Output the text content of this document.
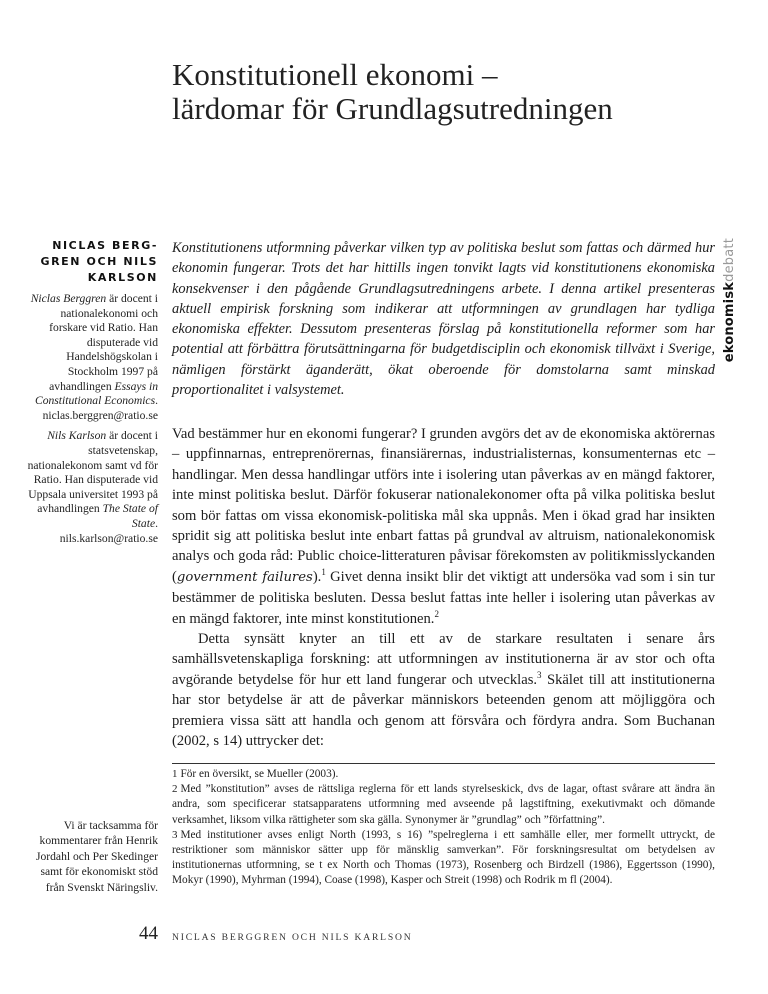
Konstitutionell ekonomi –
lärdomar för Grundlagsutredningen
ekonomiskdebatt
NICLAS BERG-GREN OCH NILS KARLSON

Niclas Berggren är docent i nationalekonomi och forskare vid Ratio. Han disputerade vid Handelshögskolan i Stockholm 1997 på avhandlingen Essays in Constitutional Economics.
niclas.berggren@ratio.se

Nils Karlson är docent i statsvetenskap, nationalekonom samt vd för Ratio. Han disputerade vid Uppsala universitet 1993 på avhandlingen The State of State.
nils.karlson@ratio.se

Vi är tacksamma för kommentarer från Henrik Jordahl och Per Skedinger samt för ekonomiskt stöd från Svenskt Näringsliv.
Konstitutionens utformning påverkar vilken typ av politiska beslut som fattas och därmed hur ekonomin fungerar. Trots det har hittills ingen tonvikt lagts vid konstitutionens ekonomiska konsekvenser i den pågående Grundlagsutredningens arbete. I denna artikel presenteras aktuell empirisk forskning som indikerar att utformningen av grundlagen har tydliga ekonomiska effekter. Dessutom presenteras förslag på konstitutionella reformer som har potential att förbättra förutsättningarna för budgetdisciplin och ekonomisk tillväxt i Sverige, nämligen förstärkt äganderätt, ökat oberoende för domstolarna samt minskad proportionalitet i valsystemet.

Vad bestämmer hur en ekonomi fungerar? I grunden avgörs det av de ekonomiska aktörernas – uppfinnarnas, entreprenörernas, finansiärernas, industrialisternas, konsumenternas etc – handlingar. Men dessa handlingar utförs inte i isolering utan påverkas av en mängd faktorer, inte minst politiska beslut. Därför fokuserar nationalekonomer ofta på vilka politiska beslut som bör fattas om vissa ekonomisk-politiska mål ska uppnås. Men i ökad grad har insikten spridit sig att politiska beslut inte enbart fattas på grundval av altruism, nationalekonomisk analys och goda råd: Public choice-litteraturen påvisar förekomsten av politikmisslyckanden (government failures).$^1$ Givet denna insikt blir det viktigt att undersöka vad som i sin tur bestämmer de politiska besluten. Dessa beslut fattas inte heller i isolering utan påverkas av en mängd faktorer, inte minst konstitutionen.$^2$

Detta synsätt knyter an till ett av de starkare resultaten i senare års samhällsvetenskapliga forskning: att utformningen av institutionerna är av stor och ofta avgörande betydelse för hur ett land fungerar och utvecklas.$^3$ Skälet till att institutionerna har stor betydelse är att de påverkar människors beteenden genom att möjliggöra och premiera vissa sätt att handla och genom att försvåra och fördyra andra. Som Buchanan (2002, s 14) uttrycker det:

1 För en översikt, se Mueller (2003).

2 Med ”konstitution” avses de rättsliga reglerna för ett lands styrelseskick, dvs de lagar, oftast svårare att ändra än andra, som specificerar statsapparatens utformning med avseende på lagstiftning, exekutivmakt och dömande verksamhet, liksom vilka rättigheter som ska gälla. Synonymer är ”grundlag” och ”författning”.

3 Med institutioner avses enligt North (1993, s 16) ”spelreglerna i ett samhälle eller, mer formellt uttryckt, de restriktioner som människor sätter upp för mänsklig samverkan”. För forskningsresultat om betydelsen av institutionernas utformning, se t ex North och Thomas (1973), Rosenberg och Birdzell (1986), Eggertsson (1990), Mokyr (1990), Myhrman (1994), Coase (1998), Kasper och Streit (1998) och Rodrik m fl (2004).

44 NICLAS BERGGREN OCH NILS KARLSON
